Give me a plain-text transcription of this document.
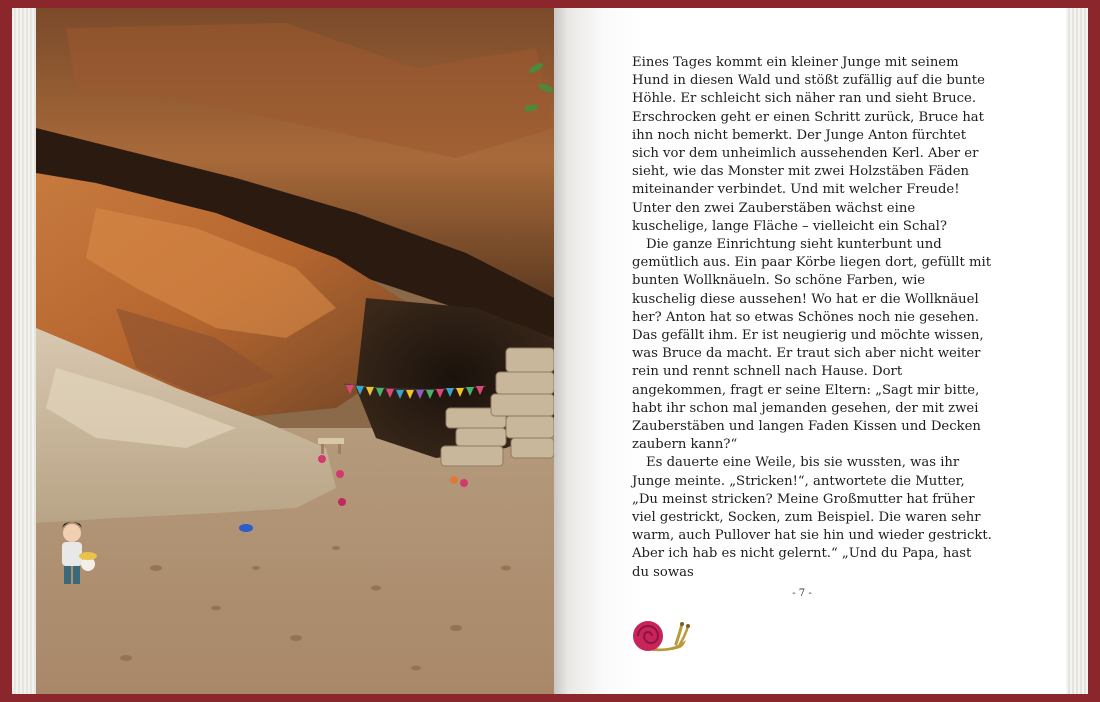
Eines Tages kommt ein kleiner Junge mit seinem Hund in diesen Wald und stößt zufällig auf die bunte Höhle. Er schleicht sich näher ran und sieht Bruce. Erschrocken geht er einen Schritt zurück, Bruce hat ihn noch nicht bemerkt. Der Junge Anton fürchtet sich vor dem unheimlich aussehenden Kerl. Aber er sieht, wie das Monster mit zwei Holzstäben Fäden miteinander verbindet. Und mit welcher Freude! Unter den zwei Zauberstäben wächst eine kuschelige, lange Fläche – vielleicht ein Schal?

Die ganze Einrichtung sieht kunterbunt und gemütlich aus. Ein paar Körbe liegen dort, gefüllt mit bunten Wollknäueln. So schöne Farben, wie kuschelig diese aussehen! Wo hat er die Wollknäuel her? Anton hat so etwas Schönes noch nie gesehen. Das gefällt ihm. Er ist neugierig und möchte wissen, was Bruce da macht. Er traut sich aber nicht weiter rein und rennt schnell nach Hause. Dort angekommen, fragt er seine Eltern: „Sagt mir bitte, habt ihr schon mal jemanden gesehen, der mit zwei Zauberstäben und langen Faden Kissen und Decken zaubern kann?“

Es dauerte eine Weile, bis sie wussten, was ihr Junge meinte. „Stricken!“, antwortete die Mutter, „Du meinst stricken? Meine Großmutter hat früher viel gestrickt, Socken, zum Beispiel. Die waren sehr warm, auch Pullover hat sie hin und wieder gestrickt. Aber ich hab es nicht gelernt.“ „Und du Papa, hast du sowas

- 7 -
